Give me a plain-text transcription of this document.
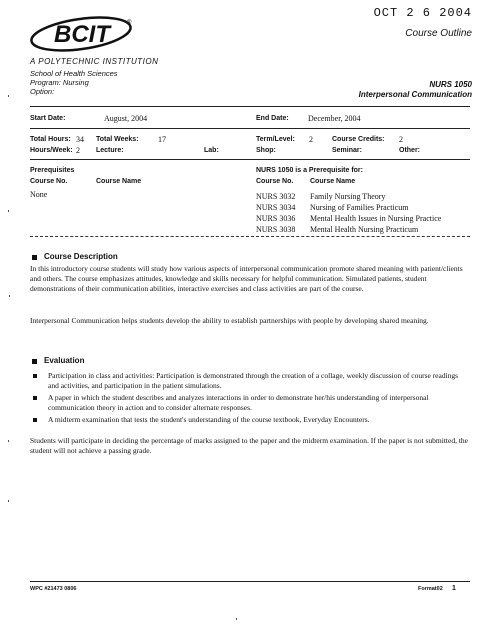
BCIT	®
OCT 2 6 2004
Course Outline
A POLYTECHNIC INSTITUTION
School of Health Sciences
Program: Nursing
Option:
NURS 1050
Interpersonal Communication
Start Date:	August, 2004	End Date: December, 2004
Total Hours: 34 Total Weeks: 17	Term/Level: 2	Course Credits: 2
Hours/Week: 2 Lecture:	Lab:	Shop:	Seminar:	Other:
Prerequisites
Course No.	Course Name
None
NURS 1050 is a Prerequisite for:
Course No. Course Name
NURS 3032 Family Nursing Theory
NURS 3034 Nursing of Families Practicum
NURS 3036 Mental Health Issues in Nursing Practice
NURS 3038 Mental Health Nursing Practicum
Course Description
In this introductory course students will study how various aspects of interpersonal communication promote shared meaning with patient/clients and others. The course emphasizes attitudes, knowledge and skills necessary for helpful communication. Simulated patients, student demonstrations of their communication abilities, interactive exercises and class activities are part of the course.
Interpersonal Communication helps students develop the ability to establish partnerships with people by developing shared meaning.
Evaluation
Participation in class and activities: Participation is demonstrated through the creation of a collage, weekly discussion of course readings and activities, and participation in the patient simulations.
A paper in which the student describes and analyzes interactions in order to demonstrate her/his understanding of interpersonal communication theory in action and to consider alternate responses.
A midterm examination that tests the student's understanding of the course textbook, Everyday Encounters.
Students will participate in deciding the percentage of marks assigned to the paper and the midterm examination. If the paper is not submitted, the student will not achieve a passing grade.
WPC #21473 0806	Format02 1
